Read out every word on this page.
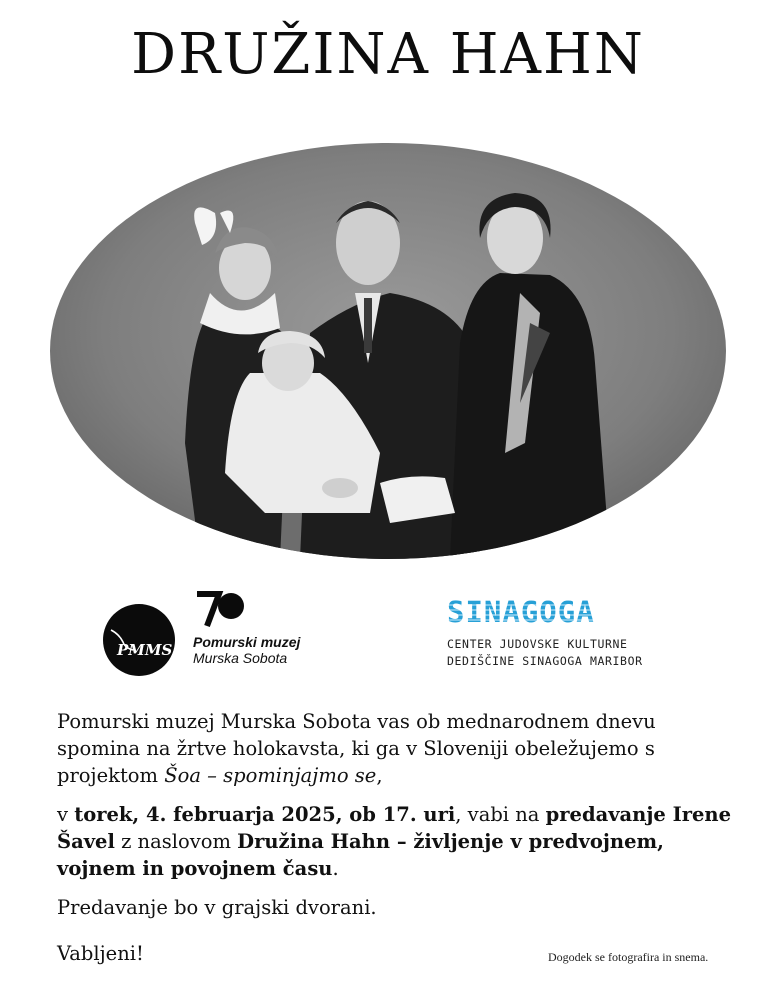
DRUŽINA HAHN
PMMS Pomurski muzej
Murska Sobota
SINAGOGA
CENTER JUDOVSKE KULTURNE
DEDIŠČINE SINAGOGA MARIBOR

Pomurski muzej Murska Sobota vas ob mednarodnem dnevu spomina na žrtve holokavsta, ki ga v Sloveniji obeležujemo s projektom Šoa – spominjajmo se,

v torek, 4. februarja 2025, ob 17. uri, vabi na predavanje Irene Šavel z naslovom Družina Hahn – življenje v predvojnem, vojnem in povojnem času.

Predavanje bo v grajski dvorani.

Vabljeni!	Dogodek se fotografira in snema.
